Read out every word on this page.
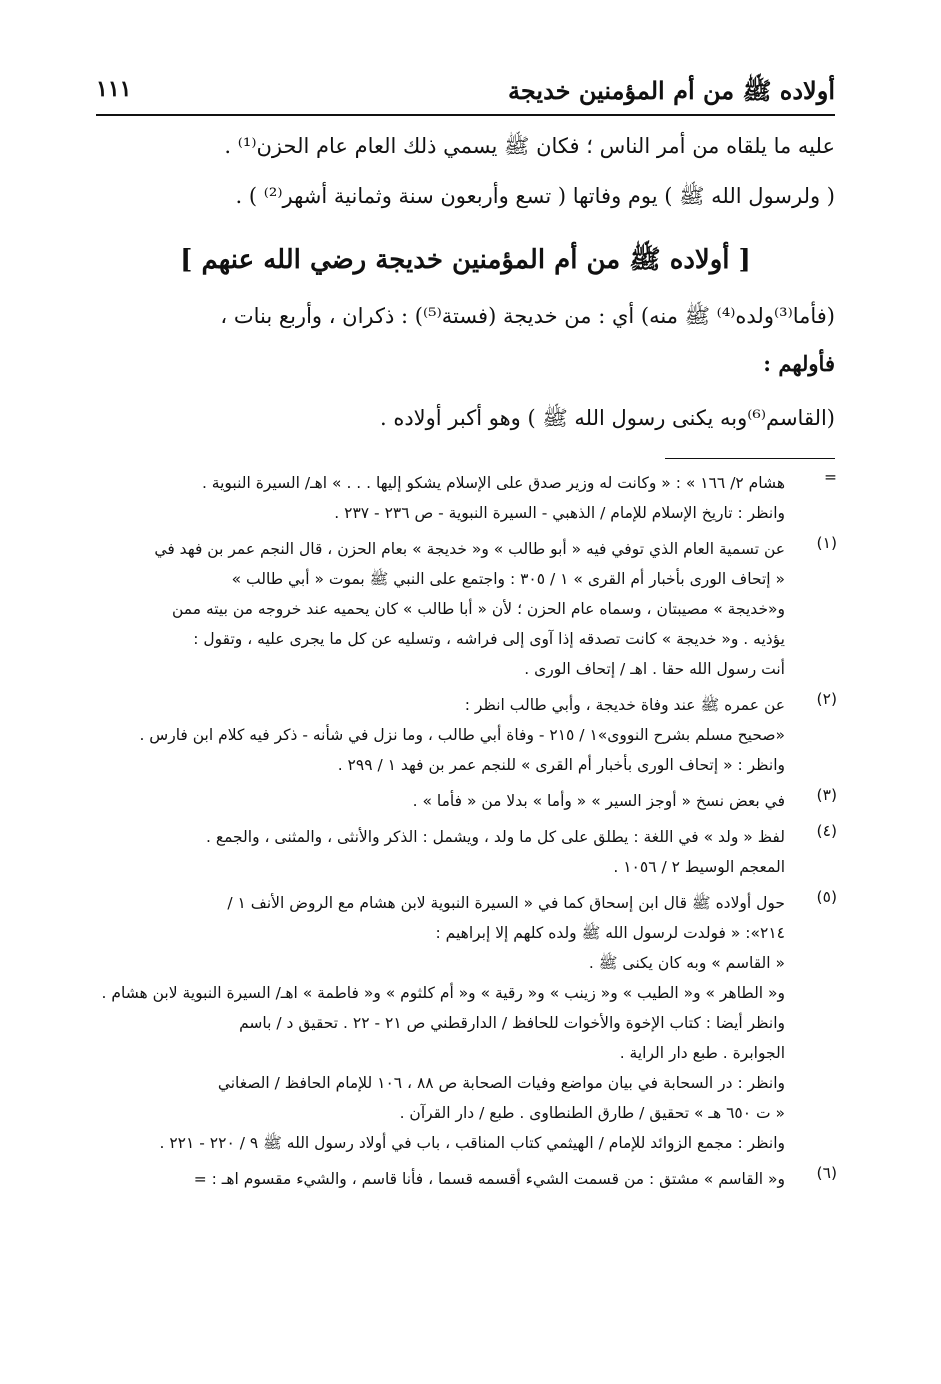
أولاده ﷺ من أم المؤمنين خديجة
١١١

عليه ما يلقاه من أمر الناس ؛ فكان ﷺ يسمي ذلك العام عام الحزن⁽¹⁾ .

( ولرسول الله ﷺ ) يوم وفاتها ( تسع وأربعون سنة وثمانية أشهر⁽²⁾ ) .

[ أولاده ﷺ من أم المؤمنين خديجة رضي الله عنهم ]

(فأما⁽³⁾ولده⁽⁴⁾ ﷺ منه) أي : من خديجة (فستة⁽⁵⁾) : ذكران ، وأربع بنات ،

فأولهم :

(القاسم⁽⁶⁾وبه يكنى رسول الله ﷺ ) وهو أكبر أولاده .

=
هشام ٢/ ١٦٦ » : « وكانت له وزير صدق على الإسلام يشكو إليها . . . » اهـ/ السيرة النبوية .
وانظر : تاريخ الإسلام للإمام / الذهبي - السيرة النبوية - ص ٢٣٦ - ٢٣٧ .
(١)
عن تسمية العام الذي توفي فيه « أبو طالب » و« خديجة » بعام الحزن ، قال النجم عمر بن فهد في
« إتحاف الورى بأخبار أم القرى » ١ / ٣٠٥ : واجتمع على النبي ﷺ بموت « أبي طالب »
و«خديجة » مصيبتان ، وسماه عام الحزن ؛ لأن « أبا طالب » كان يحميه عند خروجه من بيته ممن
يؤذيه . و« خديجة » كانت تصدقه إذا آوى إلى فراشه ، وتسليه عن كل ما يجرى عليه ، وتقول :
أنت رسول الله حقا . اهـ / إتحاف الورى .
(٢)
عن عمره ﷺ عند وفاة خديجة ، وأبي طالب انظر :
«صحيح مسلم بشرح النووى»١ / ٢١٥ - وفاة أبي طالب ، وما نزل في شأنه - ذكر فيه كلام ابن فارس .
وانظر : « إتحاف الورى بأخبار أم القرى » للنجم عمر بن فهد ١ / ٢٩٩ .
(٣)
في بعض نسخ « أوجز السير » « وأما » بدلا من « فأما » .
(٤)
لفظ « ولد » في اللغة : يطلق على كل ما ولد ، ويشمل : الذكر والأنثى ، والمثنى ، والجمع .
المعجم الوسيط ٢ / ١٠٥٦ .
(٥)
حول أولاده ﷺ قال ابن إسحاق كما في « السيرة النبوية لابن هشام مع الروض الأنف ١ /
٢١٤»: « فولدت لرسول الله ﷺ ولده كلهم إلا إبراهيم :
« القاسم » وبه كان يكنى ﷺ .
و« الطاهر » و« الطيب » و« زينب » و« رقية » و« أم كلثوم » و« فاطمة » اهـ/ السيرة النبوية لابن هشام .
وانظر أيضا : كتاب الإخوة والأخوات للحافظ / الدارقطني ص ٢١ - ٢٢ . تحقيق د / باسم
الجوابرة . طبع دار الراية .
وانظر : در السحابة في بيان مواضع وفيات الصحابة ص ٨٨ ، ١٠٦ للإمام الحافظ / الصغاني
« ت ٦٥٠ هـ » تحقيق / طارق الطنطاوى . طبع / دار القرآن .
وانظر : مجمع الزوائد للإمام / الهيثمي كتاب المناقب ، باب في أولاد رسول الله ﷺ ٩ / ٢٢٠ - ٢٢١ .
(٦)
و« القاسم » مشتق : من قسمت الشيء أقسمه قسما ، فأنا قاسم ، والشيء مقسوم اهـ : =
